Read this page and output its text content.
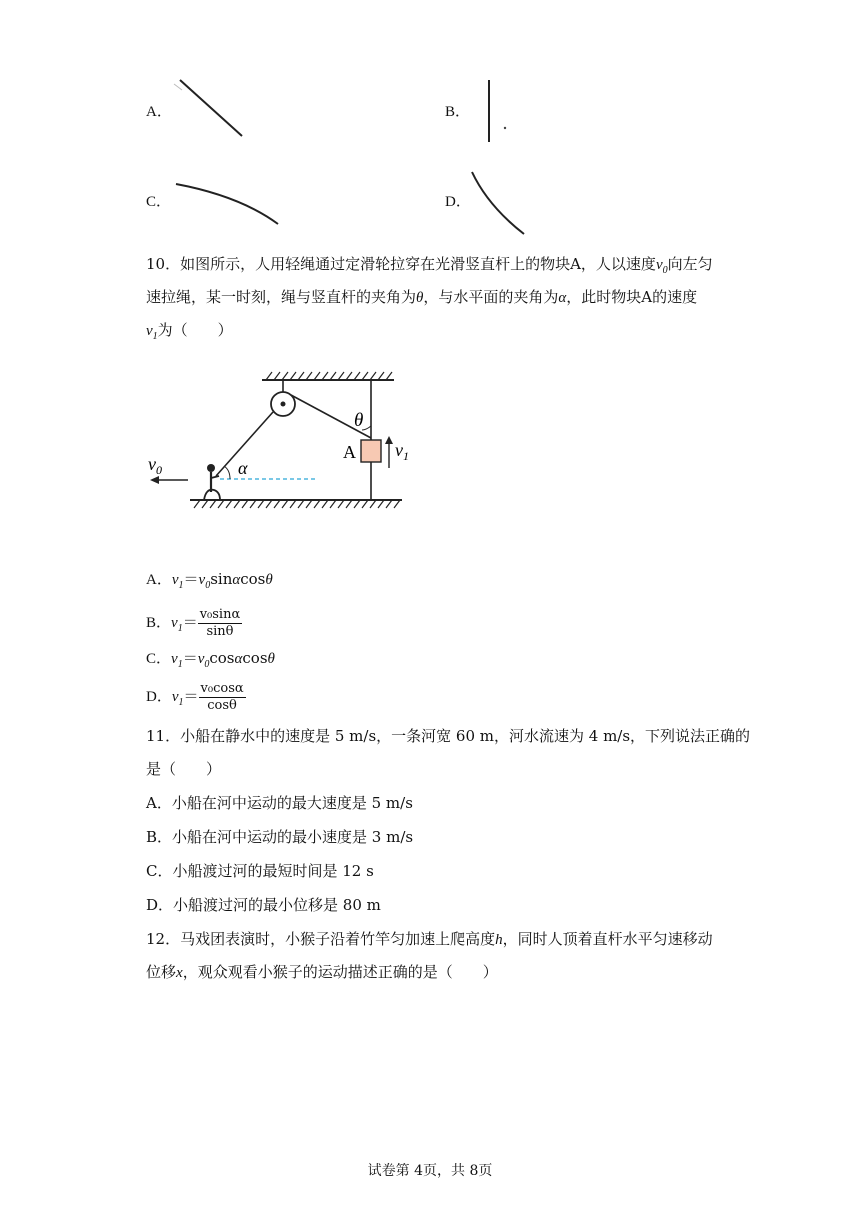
A．	B．
C．	D．
10．如图所示，人用轻绳通过定滑轮拉穿在光滑竖直杆上的物块A，人以速度$v_0$向左匀
速拉绳，某一时刻，绳与竖直杆的夹角为θ，与水平面的夹角为α，此时物块A的速度
$v_1$为（　　）
$v_0$	α
θ
A $v_1$
A．$v_1=v_0\sin\alpha\cos\theta$
B．$v_1= \frac{\text{v₀sinα}}{\sin\theta}$
C．$v_1=v_0\cos\alpha\cos\theta$
D．$v_1= \frac{\text{v₀cosα}}{\cos\theta}$
11．小船在静水中的速度是 5 m/s，一条河宽 60 m，河水流速为 4 m/s，下列说法正确的
是（　　）
A．小船在河中运动的最大速度是 5 m/s
B．小船在河中运动的最小速度是 3 m/s
C．小船渡过河的最短时间是 12 s
D．小船渡过河的最小位移是 80 m
12．马戏团表演时，小猴子沿着竹竿匀加速上爬高度h，同时人顶着直杆水平匀速移动
位移x，观众观看小猴子的运动描述正确的是（　　）
试卷第 4页，共 8页
